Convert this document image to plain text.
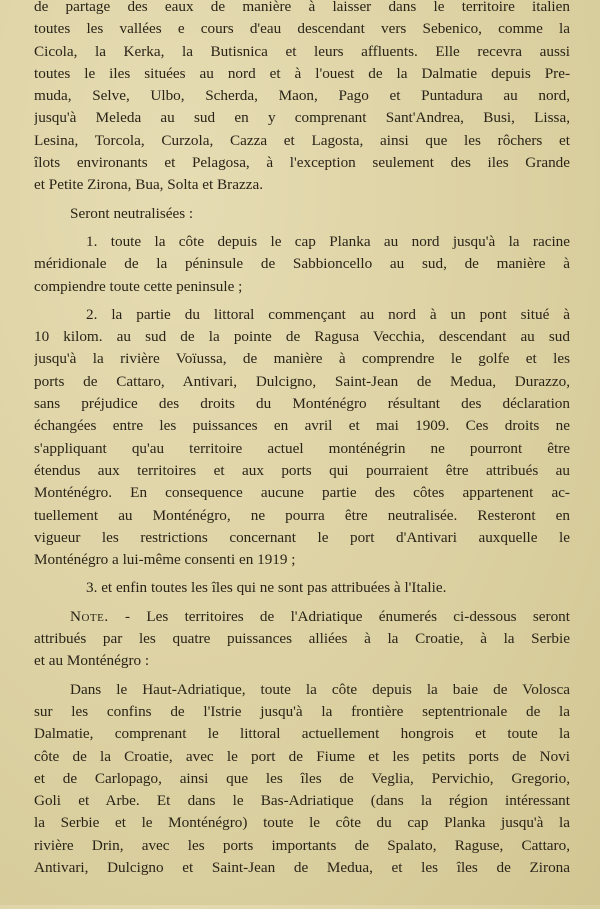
de partage des eaux de manière à laisser dans le territoire italien
toutes les vallées e cours d'eau descendant vers Sebenico, comme la
Cicola, la Kerka, la Butisnica et leurs affluents. Elle recevra aussi
toutes le iles situées au nord et à l'ouest de la Dalmatie depuis Pre-
muda, Selve, Ulbo, Scherda, Maon, Pago et Puntadura au nord,
jusqu'à Meleda au sud en y comprenant Sant'Andrea, Busi, Lissa,
Lesina, Torcola, Curzola, Cazza et Lagosta, ainsi que les rôchers et
îlots environants et Pelagosa, à l'exception seulement des iles Grande
et Petite Zirona, Bua, Solta et Brazza.
Seront neutralisées :
1. toute la côte depuis le cap Planka au nord jusqu'à la racine
méridionale de la péninsule de Sabbioncello au sud, de manière à
compiendre toute cette peninsule ;
2. la partie du littoral commençant au nord à un pont situé à
10 kilom. au sud de la pointe de Ragusa Vecchia, descendant au sud
jusqu'à la rivière Voïussa, de manière à comprendre le golfe et les
ports de Cattaro, Antivari, Dulcigno, Saint-Jean de Medua, Durazzo,
sans préjudice des droits du Monténégro résultant des déclaration
échangées entre les puissances en avril et mai 1909. Ces droits ne
s'appliquant qu'au territoire actuel monténégrin ne pourront être
étendus aux territoires et aux ports qui pourraient être attribués au
Monténégro. En consequence aucune partie des côtes appartenent ac-
tuellement au Monténégro, ne pourra être neutralisée. Resteront en
vigueur les restrictions concernant le port d'Antivari auxquelle le
Monténégro a lui-même consenti en 1919 ;
3. et enfin toutes les îles qui ne sont pas attribuées à l'Italie.
Note. - Les territoires de l'Adriatique énumerés ci-dessous seront
attribués par les quatre puissances alliées à la Croatie, à la Serbie
et au Monténégro :
Dans le Haut-Adriatique, toute la côte depuis la baie de Volosca
sur les confins de l'Istrie jusqu'à la frontière septentrionale de la
Dalmatie, comprenant le littoral actuellement hongrois et toute la
côte de la Croatie, avec le port de Fiume et les petits ports de Novi
et de Carlopago, ainsi que les îles de Veglia, Pervichio, Gregorio,
Goli et Arbe. Et dans le Bas-Adriatique (dans la région intéressant
la Serbie et le Monténégro) toute le côte du cap Planka jusqu'à la
rivière Drin, avec les ports importants de Spalato, Raguse, Cattaro,
Antivari, Dulcigno et Saint-Jean de Medua, et les îles de Zirona
